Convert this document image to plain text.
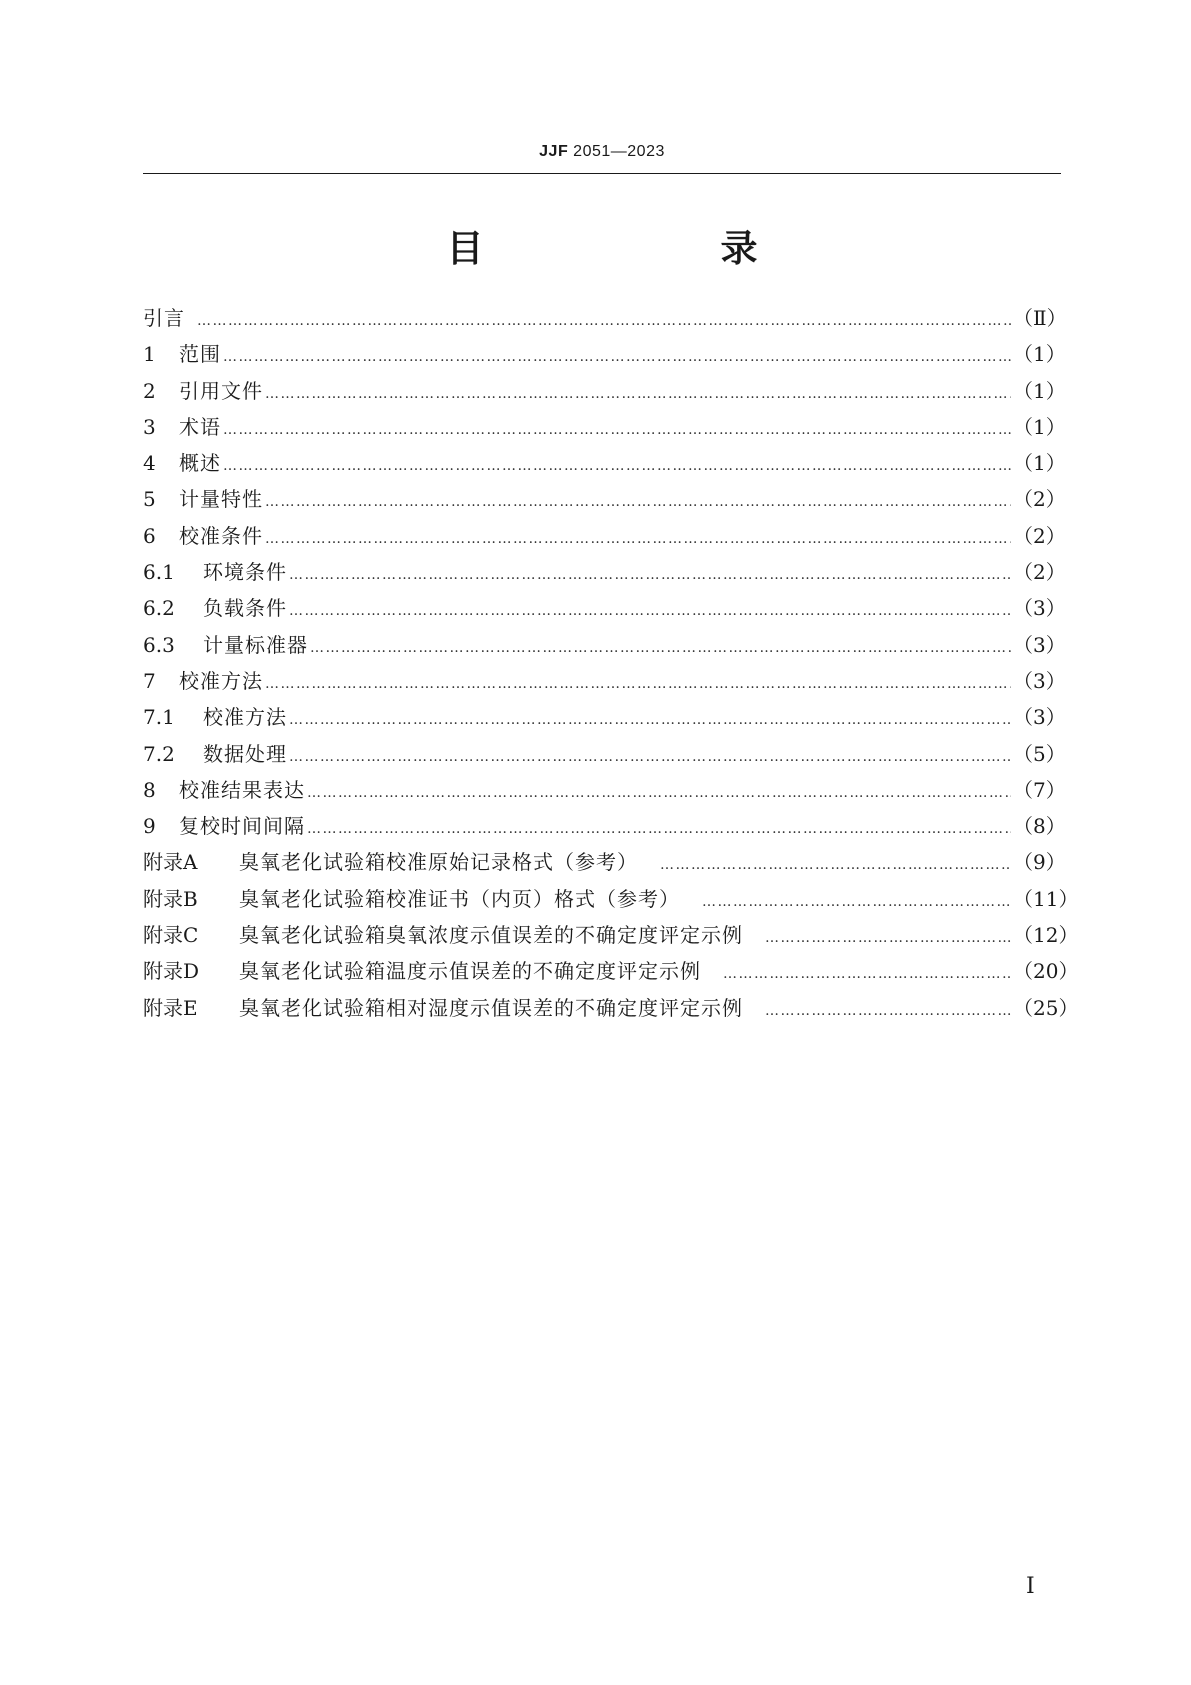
JJF 2051—2023
目　录
引言 ………………………………………………………………………………………………………………………………………………………………	（Ⅱ）
1	范围 ………………………………………………………………………………………………………………………………………………………………	（1）
2	引用文件 ………………………………………………………………………………………………………………………………………………………………	（1）
3	术语 ………………………………………………………………………………………………………………………………………………………………	（1）
4	概述 ………………………………………………………………………………………………………………………………………………………………	（1）
5	计量特性 ………………………………………………………………………………………………………………………………………………………………	（2）
6	校准条件 ………………………………………………………………………………………………………………………………………………………………	（2）
6.1	环境条件 ………………………………………………………………………………………………………………………………………………………………	（2）
6.2	负载条件 ………………………………………………………………………………………………………………………………………………………………	（3）
6.3	计量标准器 ………………………………………………………………………………………………………………………………………………………………	（3）
7	校准方法 ………………………………………………………………………………………………………………………………………………………………	（3）
7.1	校准方法 ………………………………………………………………………………………………………………………………………………………………	（3）
7.2	数据处理 ………………………………………………………………………………………………………………………………………………………………	（5）
8	校准结果表达 ………………………………………………………………………………………………………………………………………………………………	（7）
9	复校时间间隔 ………………………………………………………………………………………………………………………………………………………………	（8）
附录A	臭氧老化试验箱校准原始记录格式（参考） ………………………………………………………………………………………………………………………………………………………………	（9）
附录B	臭氧老化试验箱校准证书（内页）格式（参考） ………………………………………………………………………………………………………………………………………………………………	（11）
附录C	臭氧老化试验箱臭氧浓度示值误差的不确定度评定示例 ………………………………………………………………………………………………………………………………………………………………	（12）
附录D	臭氧老化试验箱温度示值误差的不确定度评定示例 ………………………………………………………………………………………………………………………………………………………………	（20）
附录E	臭氧老化试验箱相对湿度示值误差的不确定度评定示例 ………………………………………………………………………………………………………………………………………………………………	（25）
Ⅰ
